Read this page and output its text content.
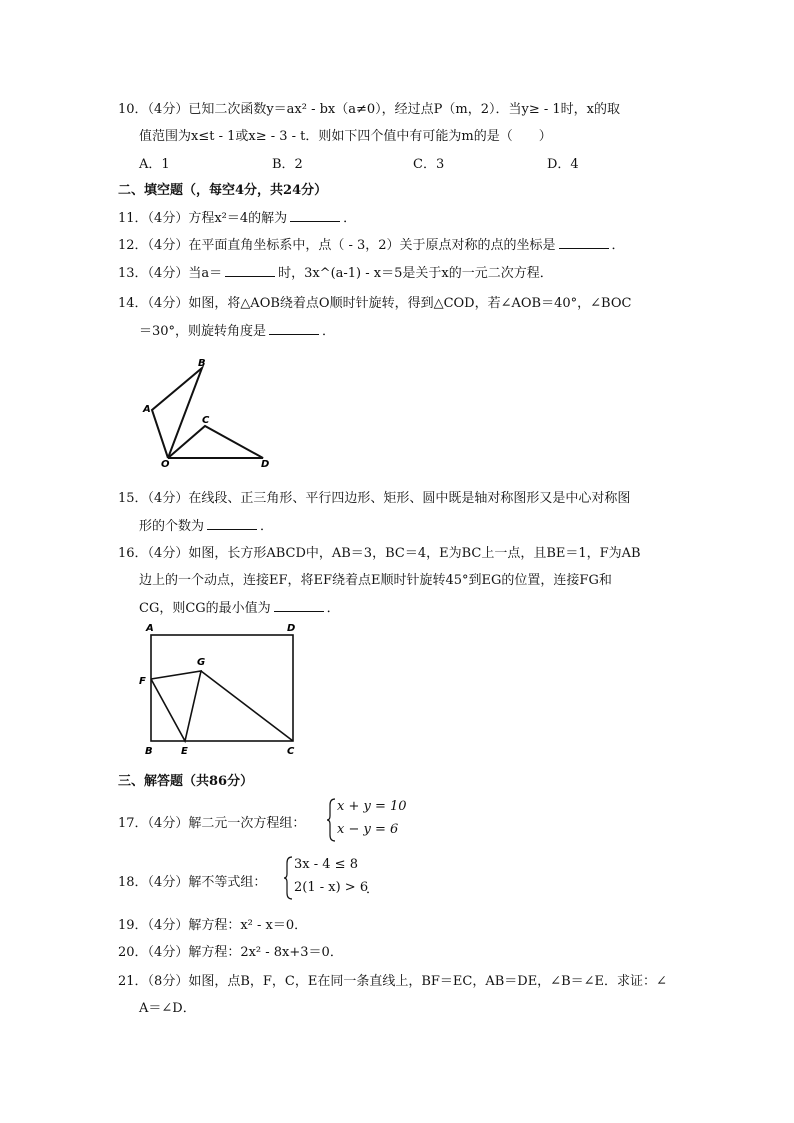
10．（4分）已知二次函数y＝ax² - bx（a≠0），经过点P（m，2）．当y≥ - 1时，x的取
值范围为x≤t - 1或x≥ - 3 - t．则如下四个值中有可能为m的是（　　）
A．1	B．2	C．3	D．4
二、填空题（，每空4分，共24分）
11．（4分）方程x²＝4的解为	．
12．（4分）在平面直角坐标系中，点（ - 3，2）关于原点对称的点的坐标是	．
13．（4分）当a＝	时，3x^(a-1) - x＝5是关于x的一元二次方程．
14．（4分）如图，将△AOB绕着点O顺时针旋转，得到△COD，若∠AOB＝40°，∠BOC
＝30°，则旋转角度是	．
B
A
C
O	D
15．（4分）在线段、正三角形、平行四边形、矩形、圆中既是轴对称图形又是中心对称图
形的个数为	．
16．（4分）如图，长方形ABCD中，AB＝3，BC＝4，E为BC上一点，且BE＝1，F为AB
边上的一个动点，连接EF，将EF绕着点E顺时针旋转45°到EG的位置，连接FG和
CG，则CG的最小值为	．
A	D
G
F
B	E	C
三、解答题（共86分）
17．（4分）解二元一次方程组：
x + y = 10
x − y = 6
18．（4分）解不等式组：
3x - 4 ≤ 8
2(1 - x) > 6
．
19．（4分）解方程：x² - x＝0．
20．（4分）解方程：2x² - 8x+3＝0．
21．（8分）如图，点B，F，C，E在同一条直线上，BF＝EC，AB＝DE，∠B＝∠E．求证：∠
A＝∠D．
